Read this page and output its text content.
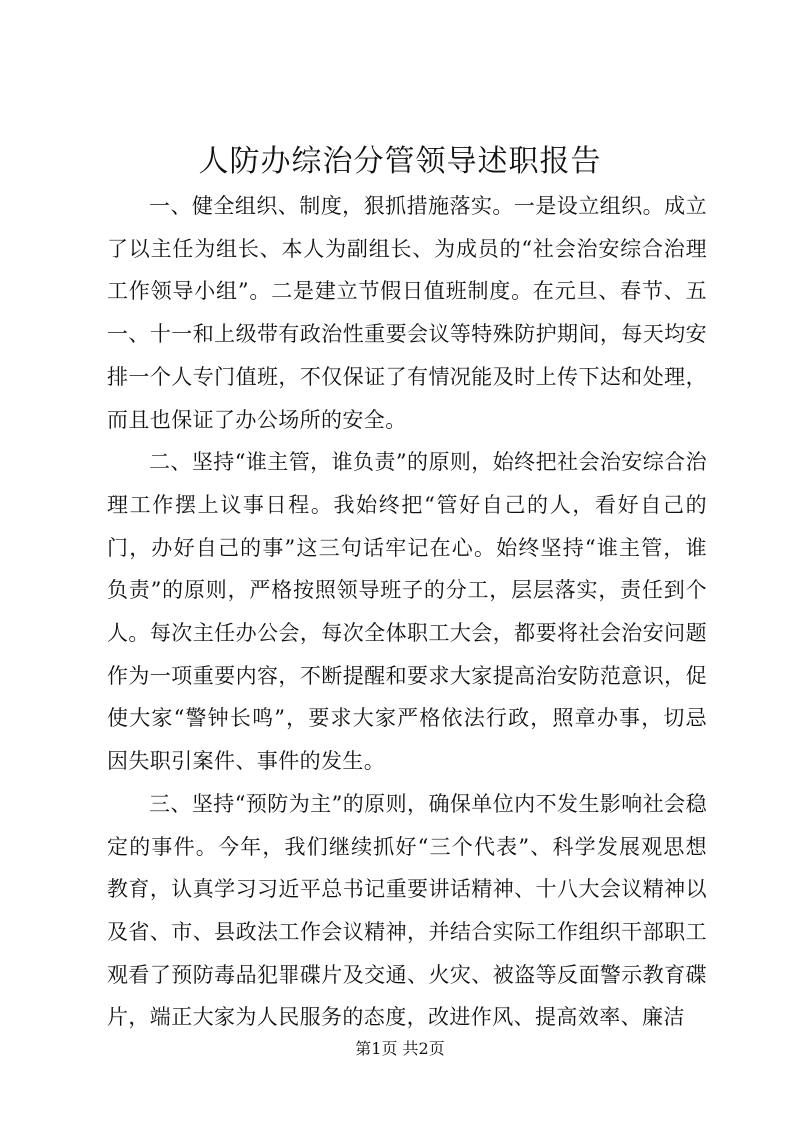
人防办综治分管领导述职报告

一、健全组织、制度，狠抓措施落实。一是设立组织。成立了以主任为组长、本人为副组长、为成员的“社会治安综合治理工作领导小组”。二是建立节假日值班制度。在元旦、春节、五一、十一和上级带有政治性重要会议等特殊防护期间，每天均安排一个人专门值班，不仅保证了有情况能及时上传下达和处理，而且也保证了办公场所的安全。

二、坚持“谁主管，谁负责”的原则，始终把社会治安综合治理工作摆上议事日程。我始终把“管好自己的人，看好自己的门，办好自己的事”这三句话牢记在心。始终坚持“谁主管，谁负责”的原则，严格按照领导班子的分工，层层落实，责任到个人。每次主任办公会，每次全体职工大会，都要将社会治安问题作为一项重要内容，不断提醒和要求大家提高治安防范意识，促使大家“警钟长鸣”，要求大家严格依法行政，照章办事，切忌因失职引案件、事件的发生。

三、坚持“预防为主”的原则，确保单位内不发生影响社会稳定的事件。今年，我们继续抓好“三个代表”、科学发展观思想教育，认真学习习近平总书记重要讲话精神、十八大会议精神以及省、市、县政法工作会议精神，并结合实际工作组织干部职工观看了预防毒品犯罪碟片及交通、火灾、被盗等反面警示教育碟片，端正大家为人民服务的态度，改进作风、提高效率、廉洁

第1页 共2页
